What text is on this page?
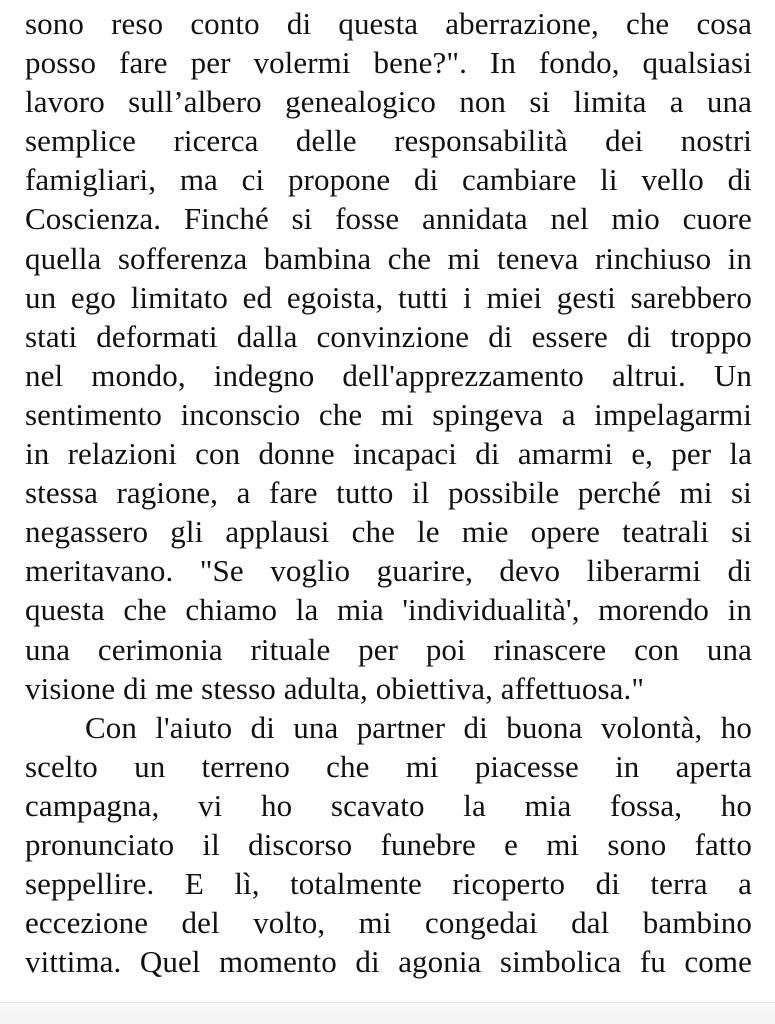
sono reso conto di questa aberrazione, che cosa
posso fare per volermi bene?". In fondo, qualsiasi
lavoro sull’albero genealogico non si limita a una
semplice ricerca delle responsabilità dei nostri
famigliari, ma ci propone di cambiare li vello di
Coscienza. Finché si fosse annidata nel mio cuore
quella sofferenza bambina che mi teneva rinchiuso in
un ego limitato ed egoista, tutti i miei gesti sarebbero
stati deformati dalla convinzione di essere di troppo
nel mondo, indegno dell'apprezzamento altrui. Un
sentimento inconscio che mi spingeva a impelagarmi
in relazioni con donne incapaci di amarmi e, per la
stessa ragione, a fare tutto il possibile perché mi si
negassero gli applausi che le mie opere teatrali si
meritavano. "Se voglio guarire, devo liberarmi di
questa che chiamo la mia 'individualità', morendo in
una cerimonia rituale per poi rinascere con una
visione di me stesso adulta, obiettiva, affettuosa."
Con l'aiuto di una partner di buona volontà, ho
scelto un terreno che mi piacesse in aperta
campagna, vi ho scavato la mia fossa, ho
pronunciato il discorso funebre e mi sono fatto
seppellire. E lì, totalmente ricoperto di terra a
eccezione del volto, mi congedai dal bambino
vittima. Quel momento di agonia simbolica fu come
